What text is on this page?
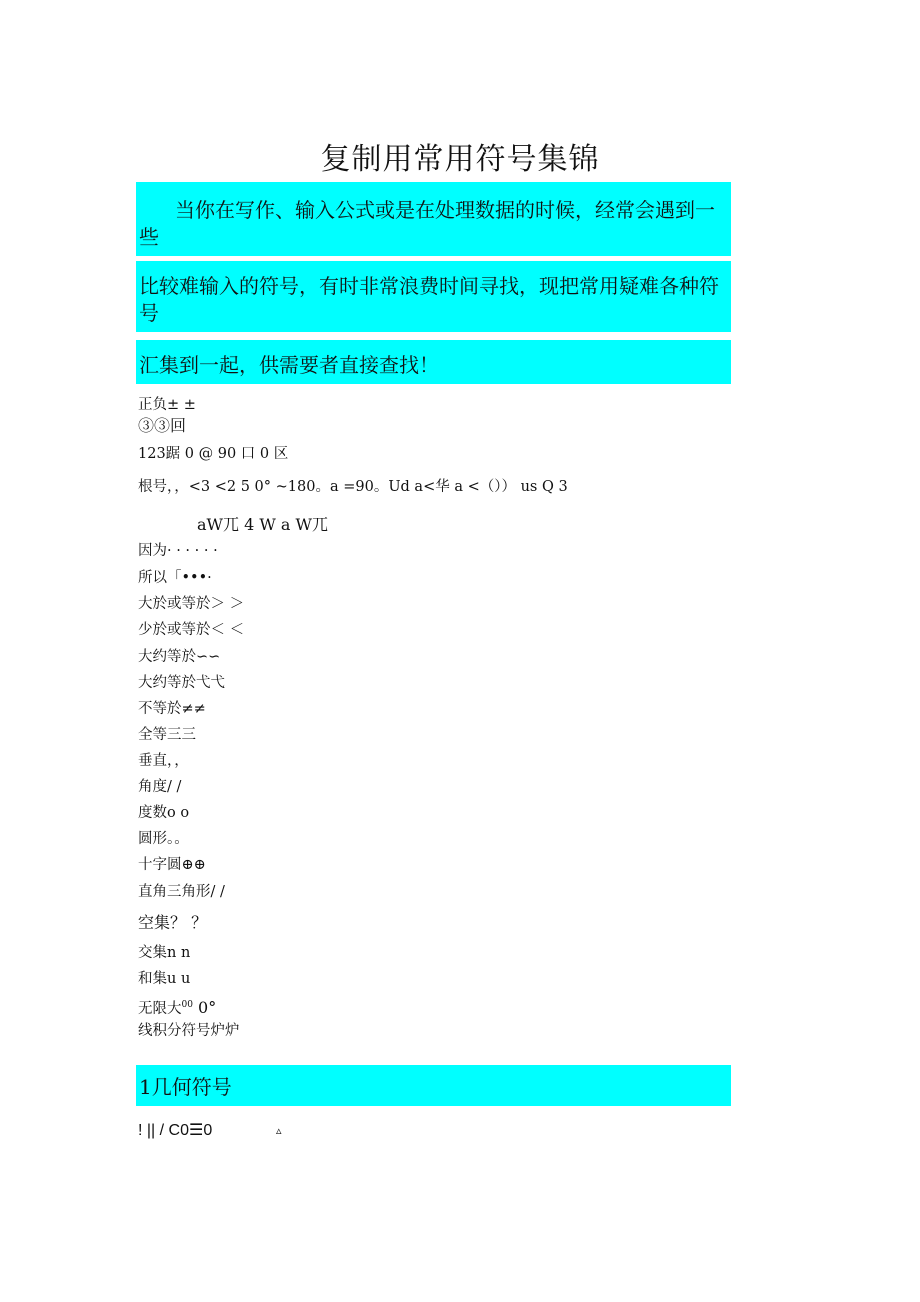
复制用常用符号集锦

当你在写作、输入公式或是在处理数据的时候，经常会遇到一些

比较难输入的符号，有时非常浪费时间寻找，现把常用疑难各种符号

汇集到一起，供需要者直接查找！

正负± ±
③③回
123踞 0 @ 90 口 0 区
根号，，<3 <2 5 0° ~180。a =90。Ud a<华 a <（）） us Q 3
aW兀 4 W a W兀
因为· · · · · ·
所以「•••·
大於或等於＞ ＞
少於或等於＜ ＜
大约等於∽∽
大约等於弋弋
不等於≠≠
全等三三
垂直，，
角度/ /
度数o o
圆形。。
十字圆⊕⊕
直角三角形/ /
空集？ ？
交集n n
和集u u
无限大$^{00}$ 0°
线积分符号炉炉

1几何符号

! || / C0☰0	▵
